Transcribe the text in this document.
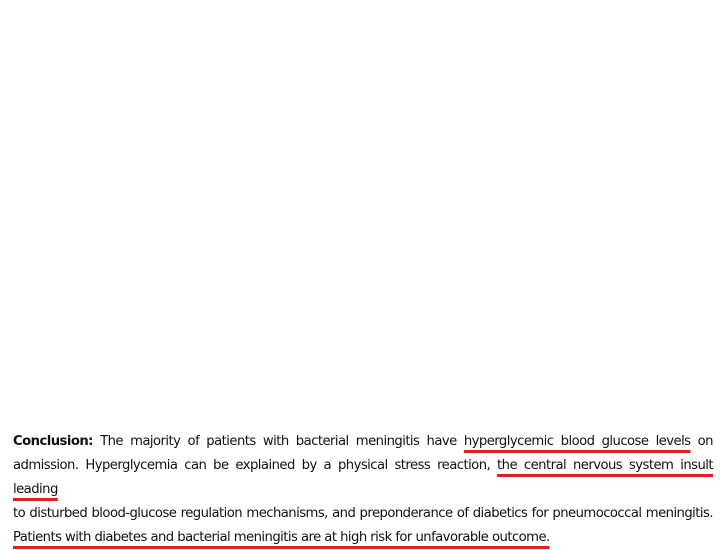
Conclusion: The majority of patients with bacterial meningitis have hyperglycemic blood glucose levels on
admission. Hyperglycemia can be explained by a physical stress reaction, the central nervous system insult leading
to disturbed blood-glucose regulation mechanisms, and preponderance of diabetics for pneumococcal meningitis.
Patients with diabetes and bacterial meningitis are at high risk for unfavorable outcome.
